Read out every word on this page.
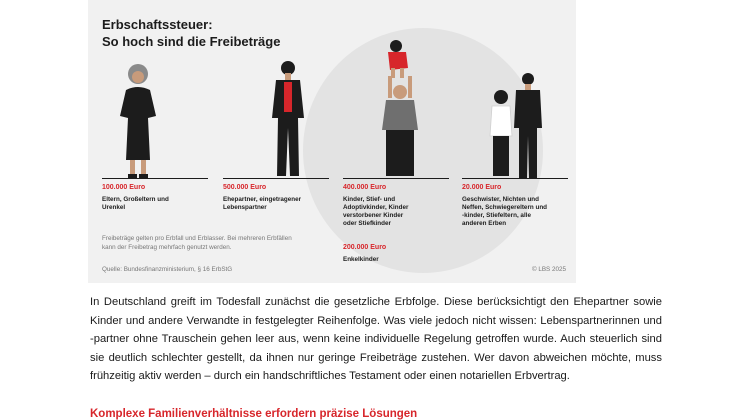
Erbschaftssteuer:
So hoch sind die Freibeträge
100.000 Euro
Eltern, Großeltern und
Urenkel
500.000 Euro
Ehepartner, eingetragener
Lebenspartner
400.000 Euro
Kinder, Stief- und
Adoptivkinder, Kinder
verstorbener Kinder
oder Stiefkinder
200.000 Euro
Enkelkinder
20.000 Euro
Geschwister, Nichten und
Neffen, Schwiegereltern und
-kinder, Stiefeltern, alle
anderen Erben
Freibeträge gelten pro Erbfall und Erblasser. Bei mehreren Erbfällen kann der Freibetrag mehrfach genutzt werden.
Quelle: Bundesfinanzministerium, § 16 ErbStG	© LBS 2025

In Deutschland greift im Todesfall zunächst die gesetzliche Erbfolge. Diese berücksichtigt den Ehepartner sowie Kinder und andere Verwandte in festgelegter Reihenfolge. Was viele jedoch nicht wissen: Lebenspartnerinnen und -partner ohne Trauschein gehen leer aus, wenn keine individuelle Regelung getroffen wurde. Auch steuerlich sind sie deutlich schlechter gestellt, da ihnen nur geringe Freibeträge zustehen. Wer davon abweichen möchte, muss frühzeitig aktiv werden – durch ein handschriftliches Testament oder einen notariellen Erbvertrag.

Komplexe Familienverhältnisse erfordern präzise Lösungen
